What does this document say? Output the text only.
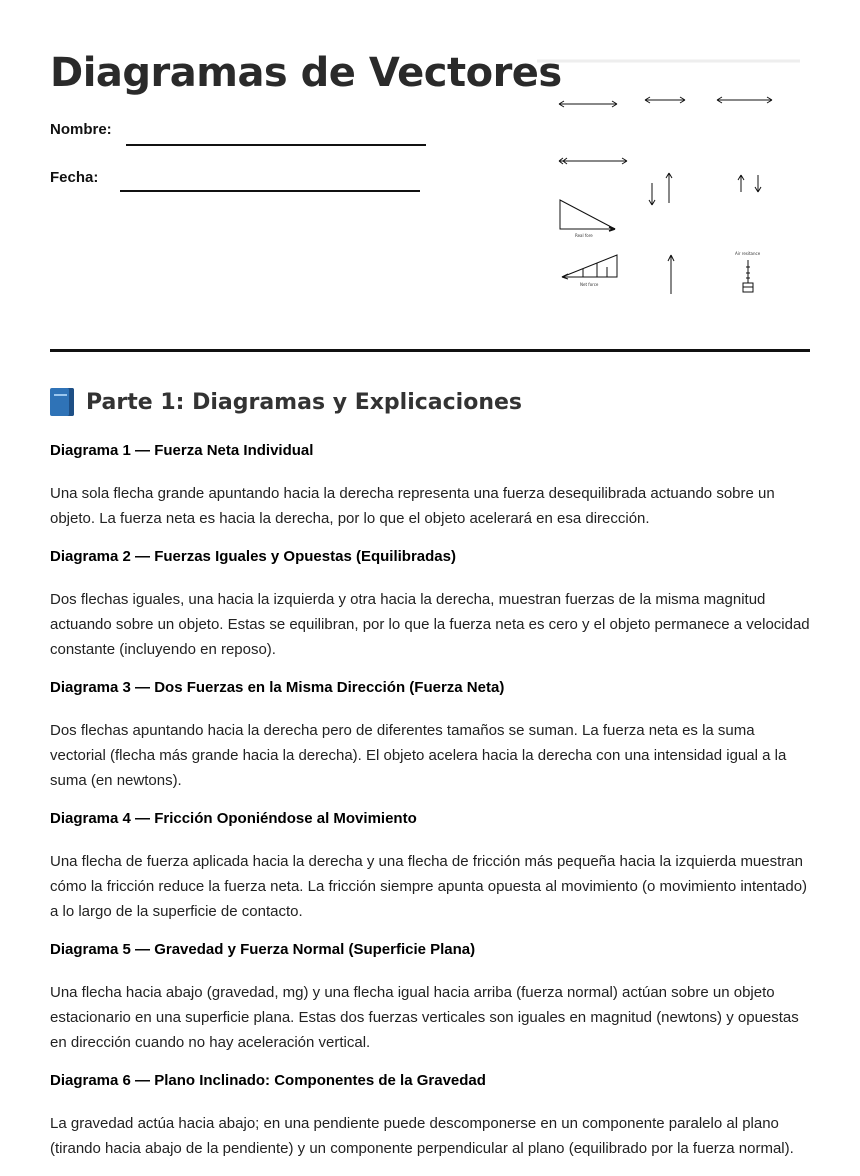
Diagramas de Vectores
Nombre:
Fecha:
Real fore
Net force
Air resitance
Parte 1: Diagramas y Explicaciones
Diagrama 1 — Fuerza Neta Individual

Una sola flecha grande apuntando hacia la derecha representa una fuerza desequilibrada actuando sobre un objeto. La fuerza neta es hacia la derecha, por lo que el objeto acelerará en esa dirección.

Diagrama 2 — Fuerzas Iguales y Opuestas (Equilibradas)

Dos flechas iguales, una hacia la izquierda y otra hacia la derecha, muestran fuerzas de la misma magnitud actuando sobre un objeto. Estas se equilibran, por lo que la fuerza neta es cero y el objeto permanece a velocidad constante (incluyendo en reposo).

Diagrama 3 — Dos Fuerzas en la Misma Dirección (Fuerza Neta)

Dos flechas apuntando hacia la derecha pero de diferentes tamaños se suman. La fuerza neta es la suma vectorial (flecha más grande hacia la derecha). El objeto acelera hacia la derecha con una intensidad igual a la suma (en newtons).

Diagrama 4 — Fricción Oponiéndose al Movimiento

Una flecha de fuerza aplicada hacia la derecha y una flecha de fricción más pequeña hacia la izquierda muestran cómo la fricción reduce la fuerza neta. La fricción siempre apunta opuesta al movimiento (o movimiento intentado) a lo largo de la superficie de contacto.

Diagrama 5 — Gravedad y Fuerza Normal (Superficie Plana)

Una flecha hacia abajo (gravedad, mg) y una flecha igual hacia arriba (fuerza normal) actúan sobre un objeto estacionario en una superficie plana. Estas dos fuerzas verticales son iguales en magnitud (newtons) y opuestas en dirección cuando no hay aceleración vertical.

Diagrama 6 — Plano Inclinado: Componentes de la Gravedad

La gravedad actúa hacia abajo; en una pendiente puede descomponerse en un componente paralelo al plano (tirando hacia abajo de la pendiente) y un componente perpendicular al plano (equilibrado por la fuerza normal).
